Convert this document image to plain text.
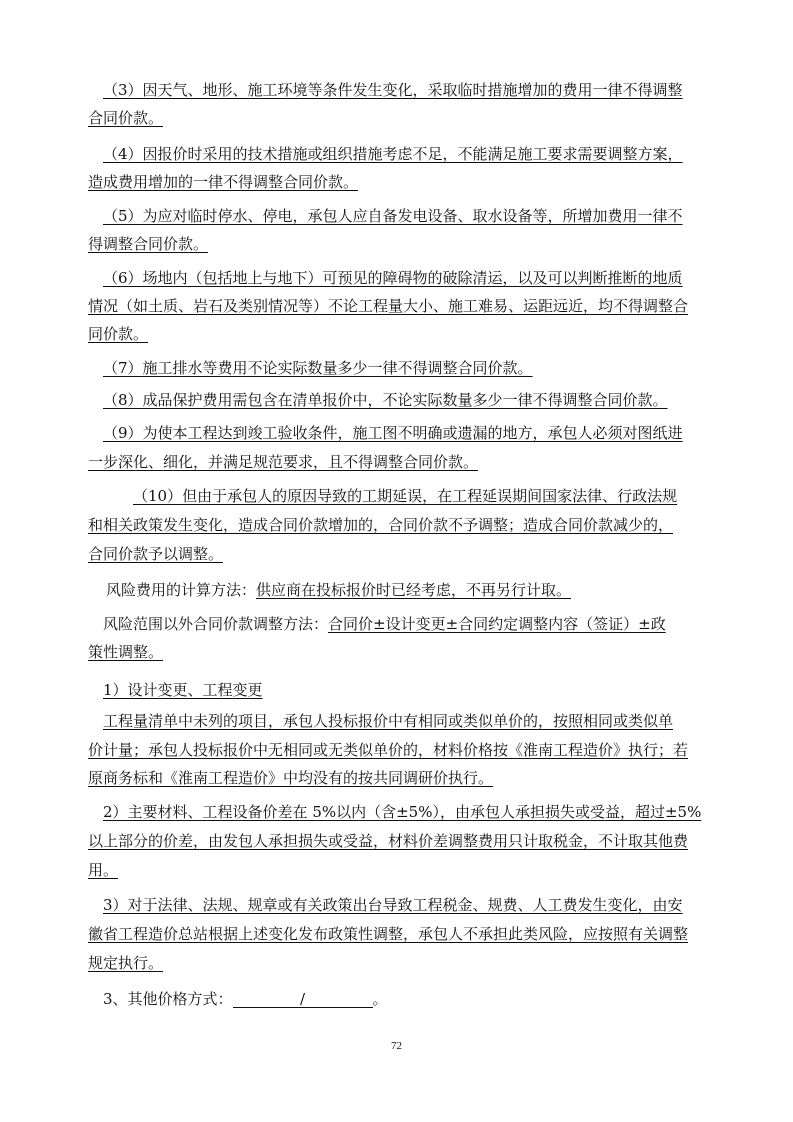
（3）因天气、地形、施工环境等条件发生变化，采取临时措施增加的费用一律不得调整
合同价款。
（4）因报价时采用的技术措施或组织措施考虑不足，不能满足施工要求需要调整方案，
造成费用增加的一律不得调整合同价款。
（5）为应对临时停水、停电，承包人应自备发电设备、取水设备等，所增加费用一律不
得调整合同价款。
（6）场地内（包括地上与地下）可预见的障碍物的破除清运，以及可以判断推断的地质
情况（如土质、岩石及类别情况等）不论工程量大小、施工难易、运距远近，均不得调整合
同价款。
（7）施工排水等费用不论实际数量多少一律不得调整合同价款。
（8）成品保护费用需包含在清单报价中，不论实际数量多少一律不得调整合同价款。
（9）为使本工程达到竣工验收条件，施工图不明确或遗漏的地方，承包人必须对图纸进
一步深化、细化，并满足规范要求，且不得调整合同价款。
（10）但由于承包人的原因导致的工期延误，在工程延误期间国家法律、行政法规
和相关政策发生变化，造成合同价款增加的，合同价款不予调整；造成合同价款减少的，
合同价款予以调整。
风险费用的计算方法：供应商在投标报价时已经考虑，不再另行计取。
风险范围以外合同价款调整方法：合同价±设计变更±合同约定调整内容（签证）±政
策性调整。
1）设计变更、工程变更
工程量清单中未列的项目，承包人投标报价中有相同或类似单价的，按照相同或类似单
价计量；承包人投标报价中无相同或无类似单价的，材料价格按《淮南工程造价》执行；若
原商务标和《淮南工程造价》中均没有的按共同调研价执行。
2）主要材料、工程设备价差在 5%以内（含±5%），由承包人承担损失或受益，超过±5%
以上部分的价差，由发包人承担损失或受益，材料价差调整费用只计取税金，不计取其他费
用。
3）对于法律、法规、规章或有关政策出台导致工程税金、规费、人工费发生变化，由安
徽省工程造价总站根据上述变化发布政策性调整，承包人不承担此类风险，应按照有关调整
规定执行。
3、其他价格方式：	/	。
72
